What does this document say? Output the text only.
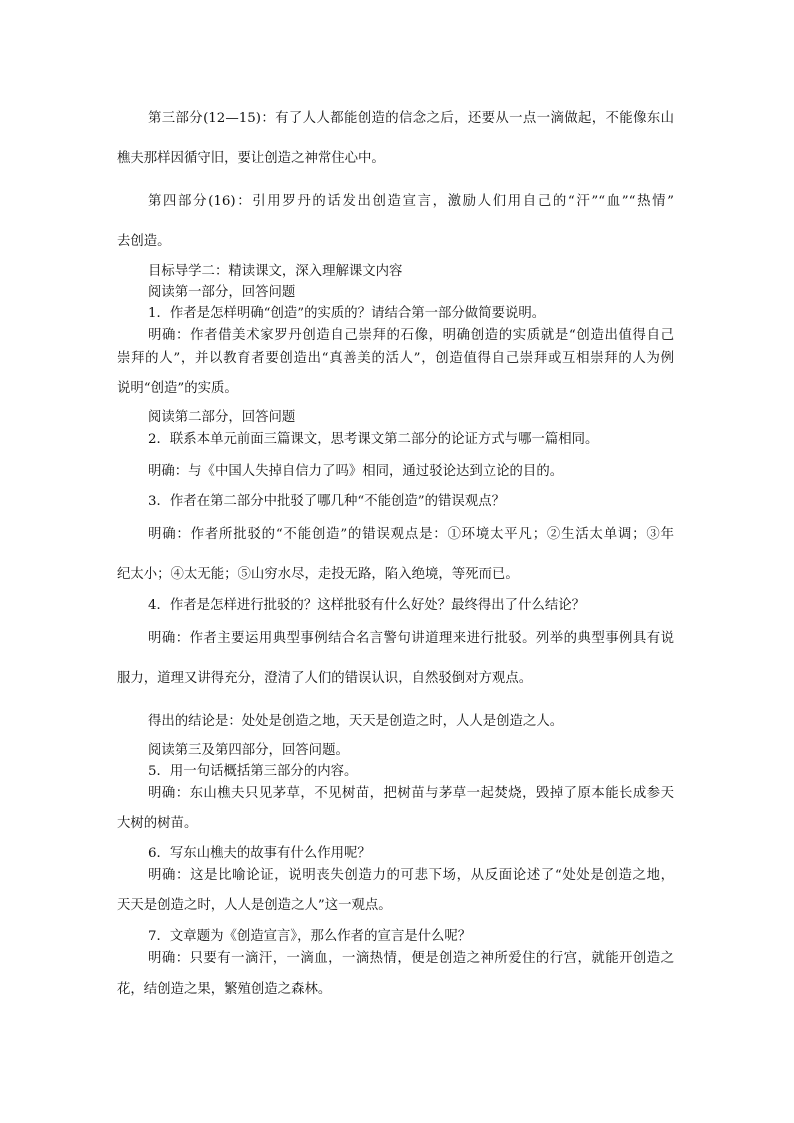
第三部分(12—15)：有了人人都能创造的信念之后，还要从一点一滴做起，不能像东山

樵夫那样因循守旧，要让创造之神常住心中。

第四部分(16)：引用罗丹的话发出创造宣言，激励人们用自己的“汗”“血”“热情”

去创造。

目标导学二：精读课文，深入理解课文内容

阅读第一部分，回答问题

1．作者是怎样明确“创造”的实质的？请结合第一部分做简要说明。

明确：作者借美术家罗丹创造自己崇拜的石像，明确创造的实质就是“创造出值得自己

崇拜的人”，并以教育者要创造出“真善美的活人”，创造值得自己崇拜或互相崇拜的人为例

说明“创造”的实质。

阅读第二部分，回答问题

2．联系本单元前面三篇课文，思考课文第二部分的论证方式与哪一篇相同。

明确：与《中国人失掉自信力了吗》相同，通过驳论达到立论的目的。

3．作者在第二部分中批驳了哪几种“不能创造”的错误观点？

明确：作者所批驳的“不能创造”的错误观点是：①环境太平凡；②生活太单调；③年

纪太小；④太无能；⑤山穷水尽，走投无路，陷入绝境，等死而已。

4．作者是怎样进行批驳的？这样批驳有什么好处？最终得出了什么结论？

明确：作者主要运用典型事例结合名言警句讲道理来进行批驳。列举的典型事例具有说

服力，道理又讲得充分，澄清了人们的错误认识，自然驳倒对方观点。

得出的结论是：处处是创造之地，天天是创造之时，人人是创造之人。

阅读第三及第四部分，回答问题。

5．用一句话概括第三部分的内容。

明确：东山樵夫只见茅草，不见树苗，把树苗与茅草一起焚烧，毁掉了原本能长成参天

大树的树苗。

6．写东山樵夫的故事有什么作用呢？

明确：这是比喻论证，说明丧失创造力的可悲下场，从反面论述了“处处是创造之地，

天天是创造之时，人人是创造之人”这一观点。

7．文章题为《创造宣言》，那么作者的宣言是什么呢？

明确：只要有一滴汗，一滴血，一滴热情，便是创造之神所爱住的行宫，就能开创造之

花，结创造之果，繁殖创造之森林。
